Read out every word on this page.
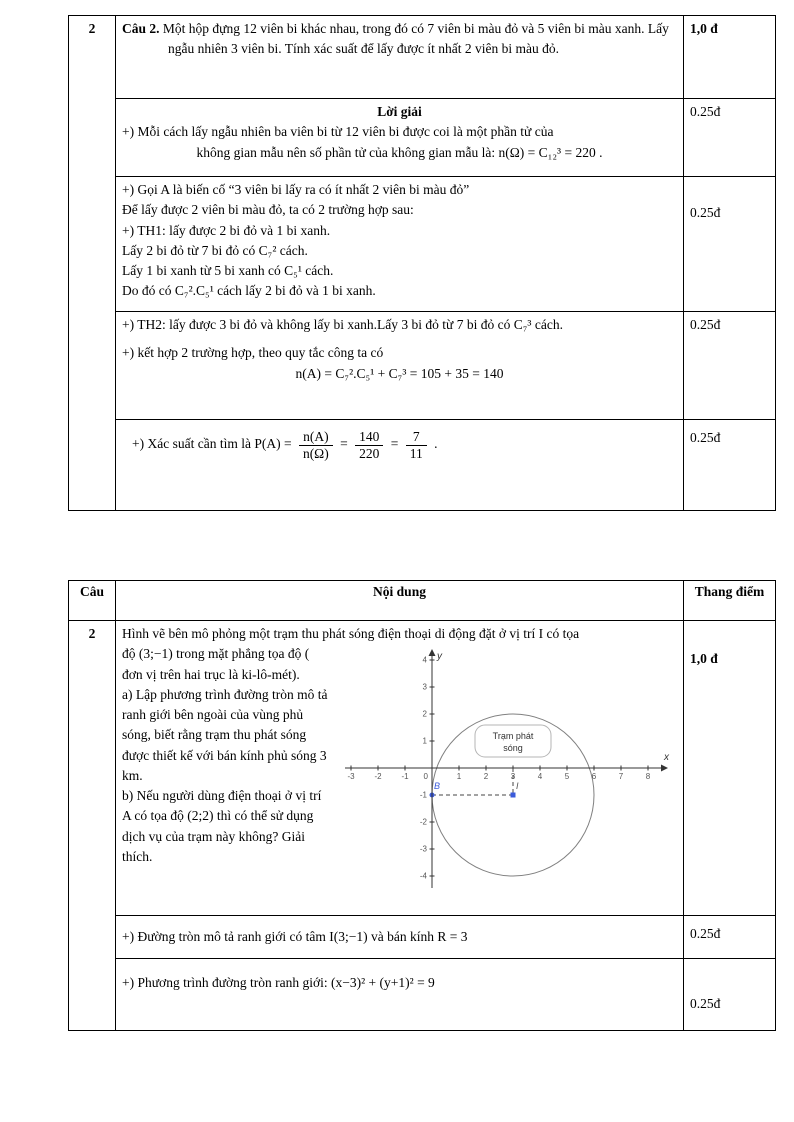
2	Câu 2. Một hộp đựng 12 viên bi khác nhau, trong đó có 7 viên bi màu đỏ và 5 viên bi màu xanh. Lấy ngẫu nhiên 3 viên bi. Tính xác suất để lấy được ít nhất 2 viên bi màu đỏ.	1,0 đ

	Lời giải
+) Mỗi cách lấy ngẫu nhiên ba viên bi từ 12 viên bi được coi là một phần tử của
không gian mẫu nên số phần tử của không gian mẫu là: n(Ω) = C₁₂³ = 220 .	0.25đ

+) Gọi A là biến cố “3 viên bi lấy ra có ít nhất 2 viên bi màu đỏ”
Để lấy được 2 viên bi màu đỏ, ta có 2 trường hợp sau:
+) TH1: lấy được 2 bi đỏ và 1 bi xanh.
Lấy 2 bi đỏ từ 7 bi đỏ có C₇² cách.
Lấy 1 bi xanh từ 5 bi xanh có C₅¹ cách.
Do đó có C₇².C₅¹ cách lấy 2 bi đỏ và 1 bi xanh.
	0.25đ

	+) TH2: lấy được 3 bi đỏ và không lấy bi xanh.Lấy 3 bi đỏ từ 7 bi đỏ có C₇³ cách.
+) kết hợp 2 trường hợp, theo quy tắc công ta có
n(A) = C₇².C₅¹ + C₇³ = 105 + 35 = 140	0.25đ

+) Xác suất cần tìm là $P(A) = \frac{n(A)}{n(\Omega)} = \frac{140}{220} = \frac{7}{11}$ .	0.25đ
Câu	Nội dung	Thang điểm
2	Hình vẽ bên mô phỏng một trạm thu phát sóng điện thoại di động đặt ở vị trí I có tọa
-3 -2 -1 0	1	2	3	4	5	6	7	8
-4
-3
-2
-1
1
2
3
4
B	I
x
y
Trạm phát
sóng
độ (3;−1) trong mặt phẳng tọa độ ( đơn vị trên hai trục là ki-lô-mét).
a) Lập phương trình đường tròn mô tả ranh giới bên ngoài của vùng phủ sóng, biết rằng trạm thu phát sóng được thiết kế với bán kính phủ sóng 3 km.
b) Nếu người dùng điện thoại ở vị trí A có tọa độ (2;2) thì có thể sử dụng dịch vụ của trạm này không? Giải thích.
	1,0 đ

	+) Đường tròn mô tả ranh giới có tâm I(3;−1) và bán kính R = 3	0.25đ

	+) Phương trình đường tròn ranh giới: (x−3)² + (y+1)² = 9	0.25đ
